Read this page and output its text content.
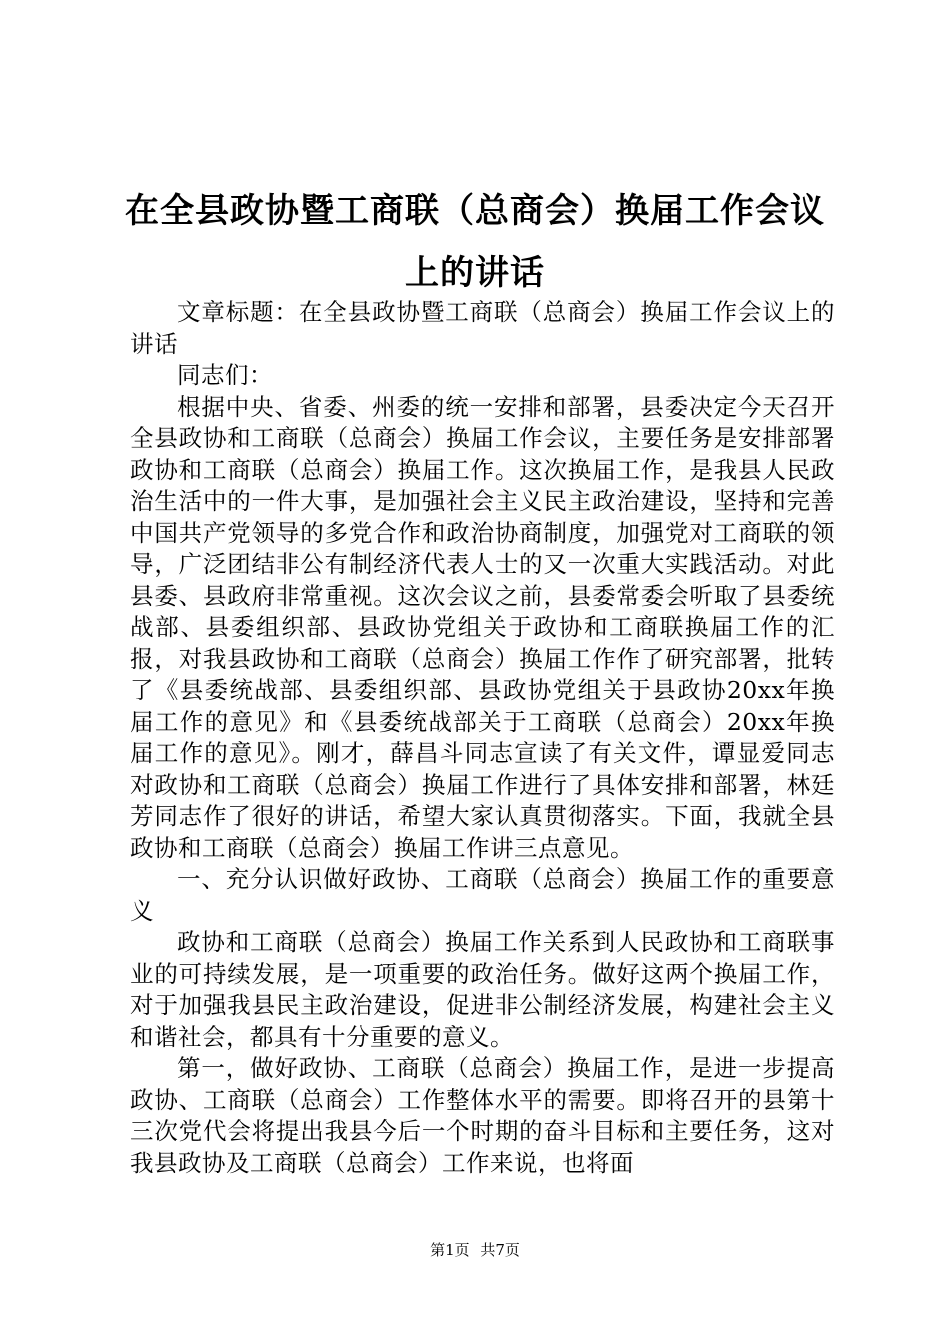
在全县政协暨工商联（总商会）换届工作会议
上的讲话

文章标题：在全县政协暨工商联（总商会）换届工作会议上的讲话

同志们：

根据中央、省委、州委的统一安排和部署，县委决定今天召开全县政协和工商联（总商会）换届工作会议，主要任务是安排部署政协和工商联（总商会）换届工作。这次换届工作，是我县人民政治生活中的一件大事，是加强社会主义民主政治建设，坚持和完善中国共产党领导的多党合作和政治协商制度，加强党对工商联的领导，广泛团结非公有制经济代表人士的又一次重大实践活动。对此县委、县政府非常重视。这次会议之前，县委常委会听取了县委统战部、县委组织部、县政协党组关于政协和工商联换届工作的汇报，对我县政协和工商联（总商会）换届工作作了研究部署，批转了《县委统战部、县委组织部、县政协党组关于县政协20xx年换届工作的意见》和《县委统战部关于工商联（总商会）20xx年换届工作的意见》。刚才，薛昌斗同志宣读了有关文件，谭显爱同志对政协和工商联（总商会）换届工作进行了具体安排和部署，林廷芳同志作了很好的讲话，希望大家认真贯彻落实。下面，我就全县政协和工商联（总商会）换届工作讲三点意见。

一、充分认识做好政协、工商联（总商会）换届工作的重要意义

政协和工商联（总商会）换届工作关系到人民政协和工商联事业的可持续发展，是一项重要的政治任务。做好这两个换届工作，对于加强我县民主政治建设，促进非公制经济发展，构建社会主义和谐社会，都具有十分重要的意义。

第一，做好政协、工商联（总商会）换届工作，是进一步提高政协、工商联（总商会）工作整体水平的需要。即将召开的县第十三次党代会将提出我县今后一个时期的奋斗目标和主要任务，这对我县政协及工商联（总商会）工作来说，也将面

第1页 共7页
